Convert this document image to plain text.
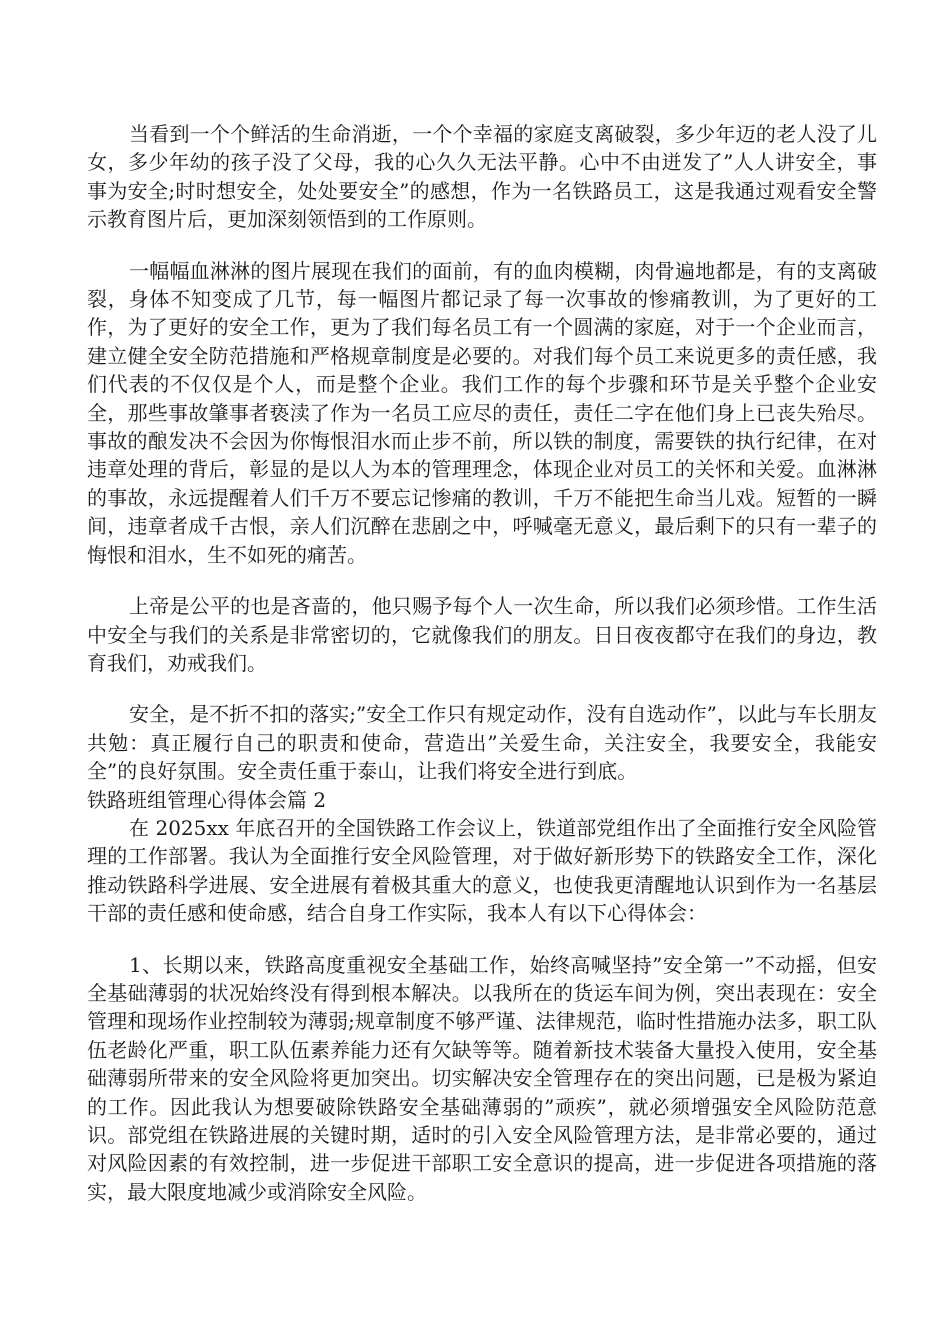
当看到一个个鲜活的生命消逝，一个个幸福的家庭支离破裂，多少年迈的老人没了儿女，多少年幼的孩子没了父母，我的心久久无法平静。心中不由迸发了”人人讲安全，事事为安全;时时想安全，处处要安全”的感想，作为一名铁路员工，这是我通过观看安全警示教育图片后，更加深刻领悟到的工作原则。

一幅幅血淋淋的图片展现在我们的面前，有的血肉模糊，肉骨遍地都是，有的支离破裂，身体不知变成了几节，每一幅图片都记录了每一次事故的惨痛教训，为了更好的工作，为了更好的安全工作，更为了我们每名员工有一个圆满的家庭，对于一个企业而言，建立健全安全防范措施和严格规章制度是必要的。对我们每个员工来说更多的责任感，我们代表的不仅仅是个人，而是整个企业。我们工作的每个步骤和环节是关乎整个企业安全，那些事故肇事者亵渎了作为一名员工应尽的责任，责任二字在他们身上已丧失殆尽。事故的酿发决不会因为你悔恨泪水而止步不前，所以铁的制度，需要铁的执行纪律，在对违章处理的背后，彰显的是以人为本的管理理念，体现企业对员工的关怀和关爱。血淋淋的事故，永远提醒着人们千万不要忘记惨痛的教训，千万不能把生命当儿戏。短暂的一瞬间，违章者成千古恨，亲人们沉醉在悲剧之中，呼喊毫无意义，最后剩下的只有一辈子的悔恨和泪水，生不如死的痛苦。

上帝是公平的也是吝啬的，他只赐予每个人一次生命，所以我们必须珍惜。工作生活中安全与我们的关系是非常密切的，它就像我们的朋友。日日夜夜都守在我们的身边，教育我们，劝戒我们。

安全，是不折不扣的落实;”安全工作只有规定动作，没有自选动作”，以此与车长朋友共勉：真正履行自己的职责和使命，营造出”关爱生命，关注安全，我要安全，我能安全”的良好氛围。安全责任重于泰山，让我们将安全进行到底。

铁路班组管理心得体会篇 2

在 2025xx 年底召开的全国铁路工作会议上，铁道部党组作出了全面推行安全风险管理的工作部署。我认为全面推行安全风险管理，对于做好新形势下的铁路安全工作，深化推动铁路科学进展、安全进展有着极其重大的意义，也使我更清醒地认识到作为一名基层干部的责任感和使命感，结合自身工作实际，我本人有以下心得体会：

1、长期以来，铁路高度重视安全基础工作，始终高喊坚持”安全第一”不动摇，但安全基础薄弱的状况始终没有得到根本解决。以我所在的货运车间为例，突出表现在：安全管理和现场作业控制较为薄弱;规章制度不够严谨、法律规范，临时性措施办法多，职工队伍老龄化严重，职工队伍素养能力还有欠缺等等。随着新技术装备大量投入使用，安全基础薄弱所带来的安全风险将更加突出。切实解决安全管理存在的突出问题，已是极为紧迫的工作。因此我认为想要破除铁路安全基础薄弱的”顽疾”，就必须增强安全风险防范意识。部党组在铁路进展的关键时期，适时的引入安全风险管理方法，是非常必要的，通过对风险因素的有效控制，进一步促进干部职工安全意识的提高，进一步促进各项措施的落实，最大限度地减少或消除安全风险。
